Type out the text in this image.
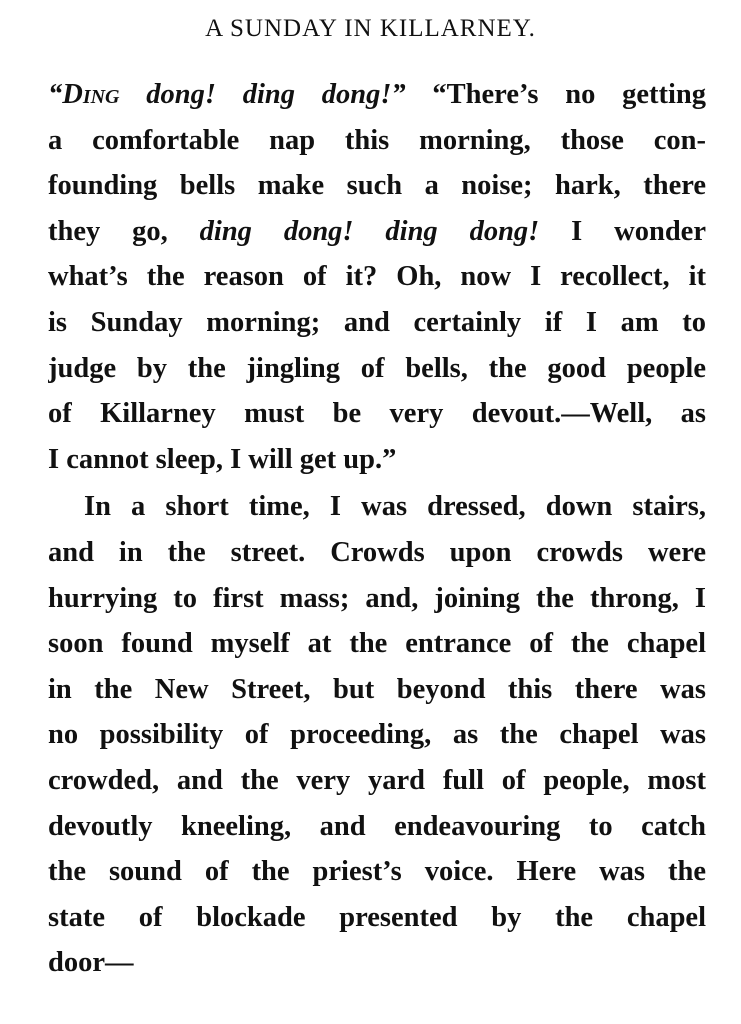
A SUNDAY IN KILLARNEY.
“Ding dong! ding dong!” “There’s no getting
a comfortable nap this morning, those con-
founding bells make such a noise; hark, there
they go, ding dong! ding dong! I wonder
what’s the reason of it? Oh, now I recollect, it
is Sunday morning; and certainly if I am to
judge by the jingling of bells, the good people
of Killarney must be very devout.—Well, as
I cannot sleep, I will get up.”
In a short time, I was dressed, down stairs,
and in the street. Crowds upon crowds were
hurrying to first mass; and, joining the throng, I
soon found myself at the entrance of the chapel
in the New Street, but beyond this there was
no possibility of proceeding, as the chapel was
crowded, and the very yard full of people, most
devoutly kneeling, and endeavouring to catch
the sound of the priest’s voice. Here was the
state of blockade presented by the chapel
door—
